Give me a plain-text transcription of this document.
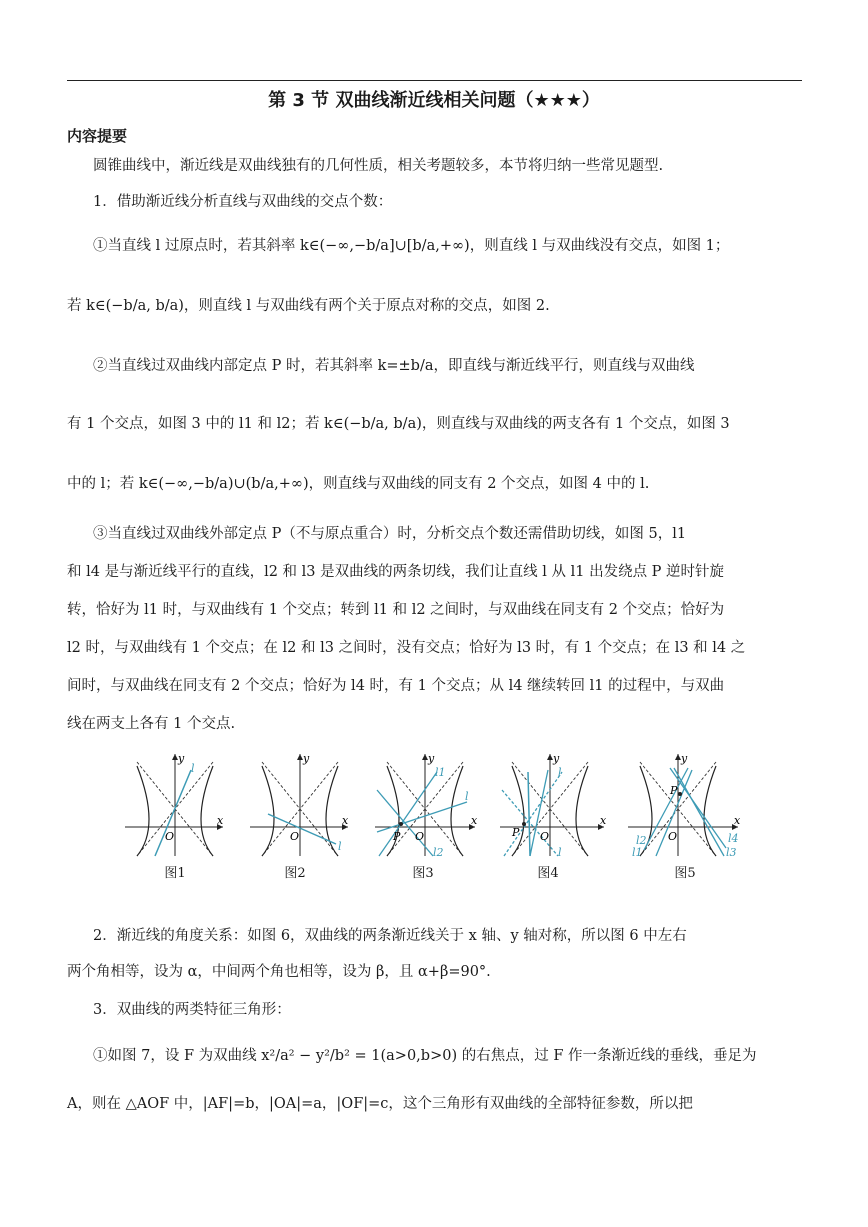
第 3 节 双曲线渐近线相关问题（★★★）
内容提要
圆锥曲线中，渐近线是双曲线独有的几何性质，相关考题较多，本节将归纳一些常见题型.
1．借助渐近线分析直线与双曲线的交点个数：
①当直线 l 过原点时，若其斜率 k∈(−∞,−b/a]∪[b/a,+∞)，则直线 l 与双曲线没有交点，如图 1；
若 k∈(−b/a, b/a)，则直线 l 与双曲线有两个关于原点对称的交点，如图 2.
②当直线过双曲线内部定点 P 时，若其斜率 k=±b/a，即直线与渐近线平行，则直线与双曲线
有 1 个交点，如图 3 中的 l1 和 l2；若 k∈(−b/a, b/a)，则直线与双曲线的两支各有 1 个交点，如图 3
中的 l；若 k∈(−∞,−b/a)∪(b/a,+∞)，则直线与双曲线的同支有 2 个交点，如图 4 中的 l.
③当直线过双曲线外部定点 P（不与原点重合）时，分析交点个数还需借助切线，如图 5，l1
和 l4 是与渐近线平行的直线，l2 和 l3 是双曲线的两条切线，我们让直线 l 从 l1 出发绕点 P 逆时针旋
转，恰好为 l1 时，与双曲线有 1 个交点；转到 l1 和 l2 之间时，与双曲线在同支有 2 个交点；恰好为
l2 时，与双曲线有 1 个交点；在 l2 和 l3 之间时，没有交点；恰好为 l3 时，有 1 个交点；在 l3 和 l4 之
间时，与双曲线在同支有 2 个交点；恰好为 l4 时，有 1 个交点；从 l4 继续转回 l1 的过程中，与双曲
线在两支上各有 1 个交点.
l
y
x
O
图1
l
y
x
O
图2
l1
l2
l
P
y
x
O
图3
l
l
P
y
x
O
图4
P
l1
l2
l3
l4
y
x
O
图5
2．渐近线的角度关系：如图 6，双曲线的两条渐近线关于 x 轴、y 轴对称，所以图 6 中左右
两个角相等，设为 α，中间两个角也相等，设为 β，且 α+β=90°.
3．双曲线的两类特征三角形：
①如图 7，设 F 为双曲线 x²/a² − y²/b² = 1(a>0,b>0) 的右焦点，过 F 作一条渐近线的垂线，垂足为
A，则在 △AOF 中，|AF|=b，|OA|=a，|OF|=c，这个三角形有双曲线的全部特征参数，所以把
